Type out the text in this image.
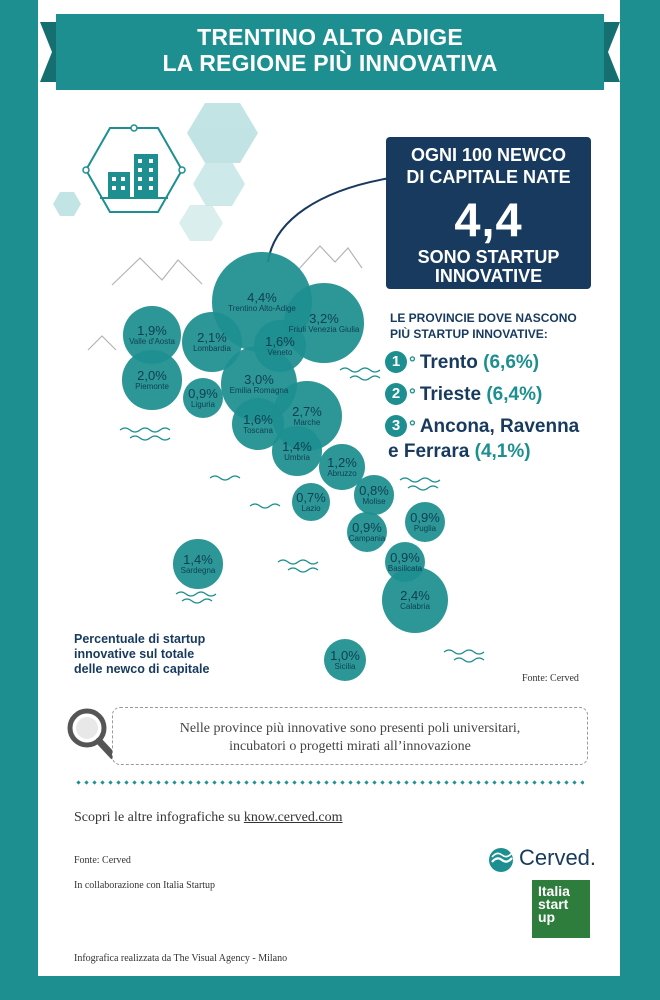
TRENTINO ALTO ADIGE
LA REGIONE PIÙ INNOVATIVA
4,4%
Trentino Alto-Adige
3,2%
Friuli Venezia Giulia
1,9%
Valle d'Aosta	2,1%
Lombardia	1,6%
Veneto
2,0%
Piemonte	0,9%
Liguria
3,0%
Emilia Romagna
2,7%
Marche
1,6%
Toscana
1,4%
Umbria	1,2%
Abruzzo
0,7%
Lazio
0,8%
Molise
0,9%
Campania
0,9%
Puglia
0,9%
Basilicata
1,4%
Sardegna
2,4%
Calabria
1,0%
Sicilia
OGNI 100 NEWCO
DI CAPITALE NATE
4,4
SONO STARTUP
INNOVATIVE
LE PROVINCIE DOVE NASCONO
PIÙ STARTUP INNOVATIVE:
1 ° Trento (6,6%)
2 ° Trieste (6,4%)
3 ° Ancona, Ravenna
e Ferrara (4,1%)
Percentuale di startup
innovative sul totale
delle newco di capitale
Fonte: Cerved
Nelle province più innovative sono presenti poli universitari,
incubatori o progetti mirati all’innovazione
Scopri le altre infografiche su know.cerved.com
Fonte: Cerved
In collaborazione con Italia Startup
Infografica realizzata da The Visual Agency - Milano
Cerved.
Italia
start
up
